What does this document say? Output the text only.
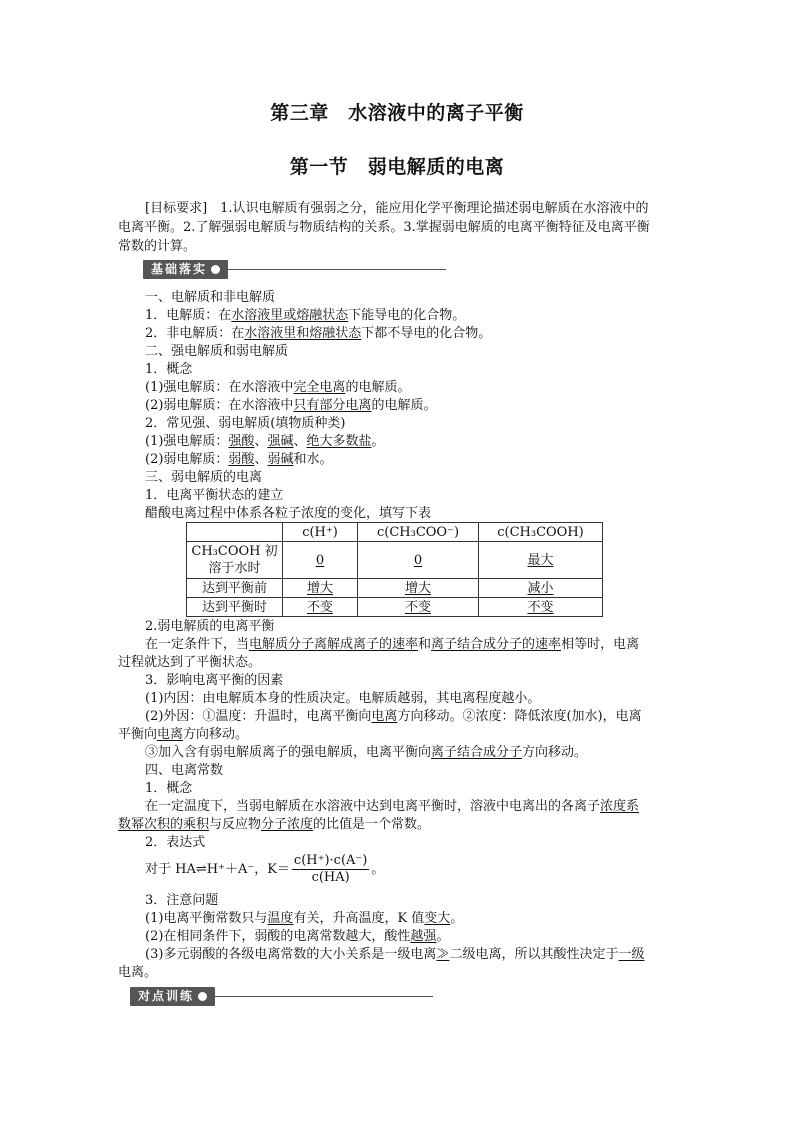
第三章　水溶液中的离子平衡
第一节　弱电解质的电离
[目标要求]　1.认识电解质有强弱之分，能应用化学平衡理论描述弱电解质在水溶液中的
电离平衡。2.了解强弱电解质与物质结构的关系。3.掌握弱电解质的电离平衡特征及电离平衡
常数的计算。
基础落实
一、电解质和非电解质
1．电解质：在水溶液里或熔融状态下能导电的化合物。
2．非电解质：在水溶液里和熔融状态下都不导电的化合物。
二、强电解质和弱电解质
1．概念
(1)强电解质：在水溶液中完全电离的电解质。
(2)弱电解质：在水溶液中只有部分电离的电解质。
2．常见强、弱电解质(填物质种类)
(1)强电解质：强酸、强碱、绝大多数盐。
(2)弱电解质：弱酸、弱碱和水。
三、弱电解质的电离
1．电离平衡状态的建立
醋酸电离过程中体系各粒子浓度的变化，填写下表
	c(H⁺)	c(CH₃COO⁻)	c(CH₃COOH)
CH₃COOH 初溶于水时	0	0	最大
达到平衡前	增大	增大	减小
达到平衡时	不变	不变	不变
2.弱电解质的电离平衡
在一定条件下，当电解质分子离解成离子的速率和离子结合成分子的速率相等时，电离
过程就达到了平衡状态。
3．影响电离平衡的因素
(1)内因：由电解质本身的性质决定。电解质越弱，其电离程度越小。
(2)外因：①温度：升温时，电离平衡向电离方向移动。②浓度：降低浓度(加水)，电离
平衡向电离方向移动。
③加入含有弱电解质离子的强电解质，电离平衡向离子结合成分子方向移动。
四、电离常数
1．概念
在一定温度下，当弱电解质在水溶液中达到电离平衡时，溶液中电离出的各离子浓度系
数幂次积的乘积与反应物分子浓度的比值是一个常数。
2．表达式
对于 HA⇌H⁺＋A⁻，$K= \frac{c(H^+)\cdot c(A^-)}{c(HA)}$ 。
3．注意问题
(1)电离平衡常数只与温度有关，升高温度，K 值变大。
(2)在相同条件下，弱酸的电离常数越大，酸性越强。
(3)多元弱酸的各级电离常数的大小关系是一级电离≫二级电离，所以其酸性决定于一级
电离。
对点训练
